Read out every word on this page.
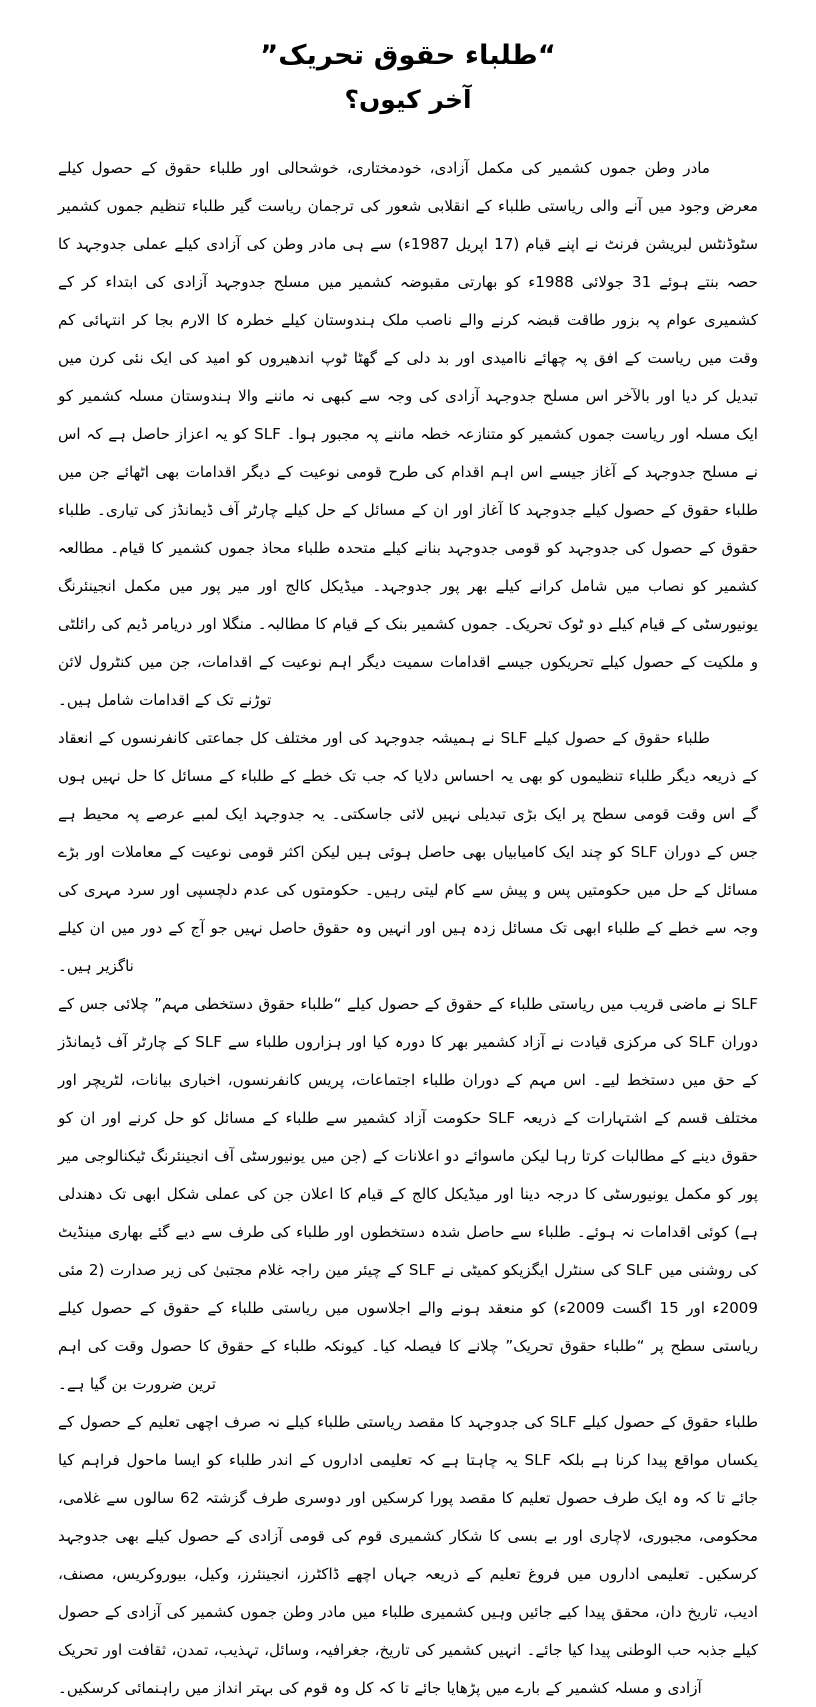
“طلباء حقوق تحریک”
آخر کیوں؟

مادر وطن جموں کشمیر کی مکمل آزادی، خودمختاری، خوشحالی اور طلباء حقوق کے حصول کیلے معرض وجود میں آنے والی ریاستی طلباء کے انقلابی شعور کی ترجمان ریاست گیر طلباء تنظیم جموں کشمیر سٹوڈنٹس لبریشن فرنٹ نے اپنے قیام (‎17‎ اپریل ‎1987‎ء) سے ہی مادر وطن کی آزادی کیلے عملی جدوجہد کا حصہ بنتے ہوئے ‎31‎ جولائی ‎1988‎ء کو بھارتی مقبوضہ کشمیر میں مسلح جدوجہد آزادی کی ابتداء کر کے کشمیری عوام پہ بزور طاقت قبضہ کرنے والے ناصب ملک ہندوستان کیلے خطرہ کا الارم بجا کر انتہائی کم وقت میں ریاست کے افق پہ چھائے ناامیدی اور بد دلی کے گھٹا ٹوپ اندھیروں کو امید کی ایک نئی کرن میں تبدیل کر دیا اور بالآخر اس مسلح جدوجہد آزادی کی وجہ سے کبھی نہ ماننے والا ہندوستان مسلہ کشمیر کو ایک مسلہ اور ریاست جموں کشمیر کو متنازعہ خطہ ماننے پہ مجبور ہوا۔ SLF کو یہ اعزاز حاصل ہے کہ اس نے مسلح جدوجہد کے آغاز جیسے اس اہم اقدام کی طرح قومی نوعیت کے دیگر اقدامات بھی اٹھائے جن میں طلباء حقوق کے حصول کیلے جدوجہد کا آغاز اور ان کے مسائل کے حل کیلے چارٹر آف ڈیمانڈز کی تیاری۔ طلباء حقوق کے حصول کی جدوجہد کو قومی جدوجہد بنانے کیلے متحدہ طلباء محاذ جموں کشمیر کا قیام۔ مطالعہ کشمیر کو نصاب میں شامل کرانے کیلے بھر پور جدوجہد۔ میڈیکل کالج اور میر پور میں مکمل انجینئرنگ یونیورسٹی کے قیام کیلے دو ٹوک تحریک۔ جموں کشمیر بنک کے قیام کا مطالبہ۔ منگلا اور دریامر ڈیم کی رائلٹی و ملکیت کے حصول کیلے تحریکوں جیسے اقدامات سمیت دیگر اہم نوعیت کے اقدامات، جن میں کنٹرول لائن توڑنے تک کے اقدامات شامل ہیں۔

طلباء حقوق کے حصول کیلے SLF نے ہمیشہ جدوجہد کی اور مختلف کل جماعتی کانفرنسوں کے انعقاد کے ذریعہ دیگر طلباء تنظیموں کو بھی یہ احساس دلایا کہ جب تک خطے کے طلباء کے مسائل کا حل نہیں ہوں گے اس وقت قومی سطح پر ایک بڑی تبدیلی نہیں لائی جاسکتی۔ یہ جدوجہد ایک لمبے عرصے پہ محیط ہے جس کے دوران SLF کو چند ایک کامیابیاں بھی حاصل ہوئی ہیں لیکن اکثر قومی نوعیت کے معاملات اور بڑے مسائل کے حل میں حکومتیں پس و پیش سے کام لیتی رہیں۔ حکومتوں کی عدم دلچسپی اور سرد مہری کی وجہ سے خطے کے طلباء ابھی تک مسائل زدہ ہیں اور انہیں وہ حقوق حاصل نہیں جو آج کے دور میں ان کیلے ناگزیر ہیں۔

SLF نے ماضی قریب میں ریاستی طلباء کے حقوق کے حصول کیلے “طلباء حقوق دستخطی مہم” چلائی جس کے دوران SLF کی مرکزی قیادت نے آزاد کشمیر بھر کا دورہ کیا اور ہزاروں طلباء سے SLF کے چارٹر آف ڈیمانڈز کے حق میں دستخط لیے۔ اس مہم کے دوران طلباء اجتماعات، پریس کانفرنسوں، اخباری بیانات، لٹریچر اور مختلف قسم کے اشتہارات کے ذریعہ SLF حکومت آزاد کشمیر سے طلباء کے مسائل کو حل کرنے اور ان کو حقوق دینے کے مطالبات کرتا رہا لیکن ماسوائے دو اعلانات کے (جن میں یونیورسٹی آف انجینئرنگ ٹیکنالوجی میر پور کو مکمل یونیورسٹی کا درجہ دینا اور میڈیکل کالج کے قیام کا اعلان جن کی عملی شکل ابھی تک دھندلی ہے) کوئی اقدامات نہ ہوئے۔ طلباء سے حاصل شدہ دستخطوں اور طلباء کی طرف سے دیے گئے بھاری مینڈیٹ کی روشنی میں SLF کی سنٹرل ایگزیکو کمیٹی نے SLF کے چیئر مین راجہ غلام مجتبیٰ کی زیر صدارت (‎2‎ مئی ‎2009‎ء اور ‎15‎ اگست ‎2009‎ء) کو منعقد ہونے والے اجلاسوں میں ریاستی طلباء کے حقوق کے حصول کیلے ریاستی سطح پر “طلباء حقوق تحریک” چلانے کا فیصلہ کیا۔ کیونکہ طلباء کے حقوق کا حصول وقت کی اہم ترین ضرورت بن گیا ہے۔

طلباء حقوق کے حصول کیلے SLF کی جدوجہد کا مقصد ریاستی طلباء کیلے نہ صرف اچھی تعلیم کے حصول کے یکساں مواقع پیدا کرنا ہے بلکہ SLF یہ چاہتا ہے کہ تعلیمی اداروں کے اندر طلباء کو ایسا ماحول فراہم کیا جائے تا کہ وہ ایک طرف حصول تعلیم کا مقصد پورا کرسکیں اور دوسری طرف گزشتہ ‎62‎ سالوں سے غلامی، محکومی، مجبوری، لاچاری اور بے بسی کا شکار کشمیری قوم کی قومی آزادی کے حصول کیلے بھی جدوجہد کرسکیں۔ تعلیمی اداروں میں فروغ تعلیم کے ذریعہ جہاں اچھے ڈاکٹرز، انجینئرز، وکیل، بیوروکریس، مصنف، ادیب، تاریخ دان، محقق پیدا کیے جائیں وہیں کشمیری طلباء میں مادر وطن جموں کشمیر کی آزادی کے حصول کیلے جذبہ حب الوطنی پیدا کیا جائے۔ انہیں کشمیر کی تاریخ، جغرافیہ، وسائل، تہذیب، تمدن، ثقافت اور تحریک آزادی و مسلہ کشمیر کے بارے میں پڑھایا جائے تا کہ کل وہ قوم کی بہتر انداز میں راہنمائی کرسکیں۔
